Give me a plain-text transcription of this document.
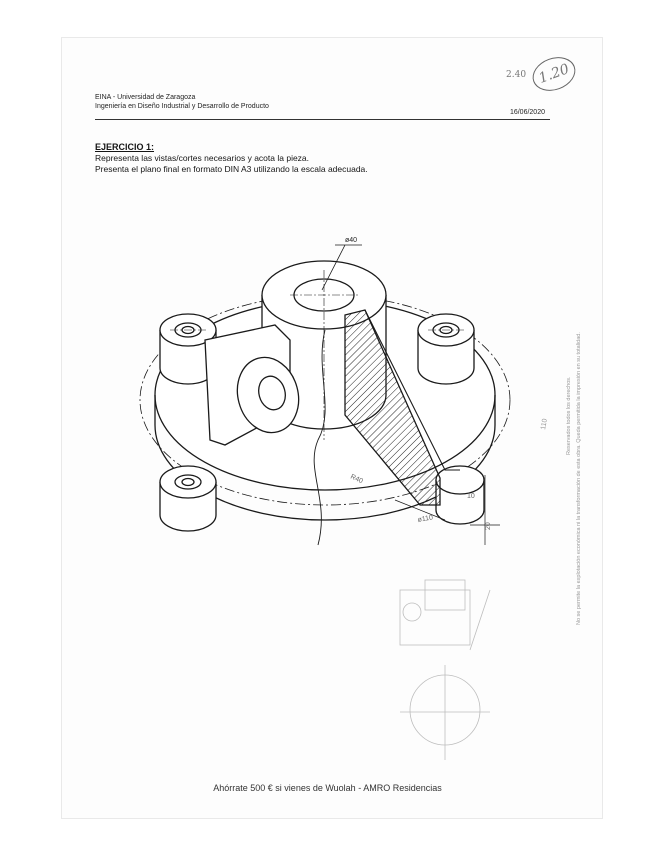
EINA - Universidad de Zaragoza
Ingeniería en Diseño Industrial y Desarrollo de Producto
16/06/2020
2.40 1.20
EJERCICIO 1:
Representa las vistas/cortes necesarios y acota la pieza.
Presenta el plano final en formato DIN A3 utilizando la escala adecuada.
ø40
R40
ø110
20
10
110	Reservados todos los derechos. No se permite la explotación económica ni la transformación de esta obra. Queda permitida la impresión en su totalidad.
Ahórrate 500 € si vienes de Wuolah - AMRO Residencias
